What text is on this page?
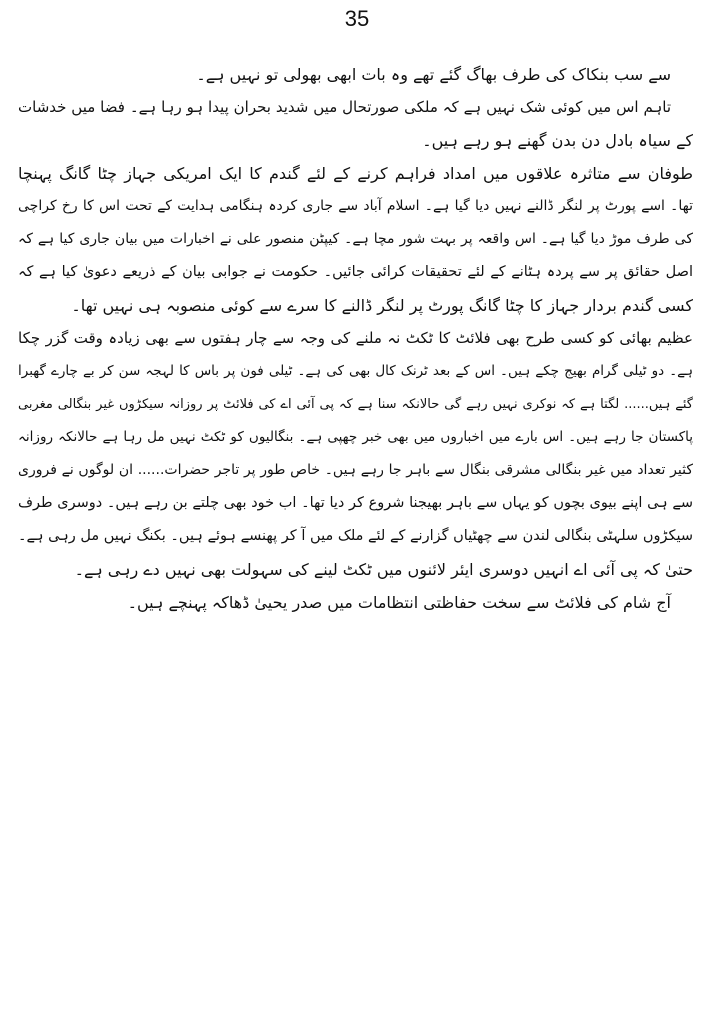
35
سے سب بنکاک کی طرف بھاگ گئے تھے وہ بات ابھی بھولی تو نہیں ہے۔
تاہم اس میں کوئی شک نہیں ہے کہ ملکی صورتحال میں شدید بحران پیدا ہو رہا ہے۔ فضا میں خدشات
کے سیاہ بادل دن بدن گھنے ہو رہے ہیں۔
طوفان سے متاثرہ علاقوں میں امداد فراہم کرنے کے لئے گندم کا ایک امریکی جہاز چٹا گانگ پہنچا
تھا۔ اسے پورٹ پر لنگر ڈالنے نہیں دیا گیا ہے۔ اسلام آباد سے جاری کردہ ہنگامی ہدایت کے تحت اس کا رخ کراچی
کی طرف موڑ دیا گیا ہے۔ اس واقعہ پر بہت شور مچا ہے۔ کیپٹن منصور علی نے اخبارات میں بیان جاری کیا ہے کہ
اصل حقائق پر سے پردہ ہٹانے کے لئے تحقیقات کرائی جائیں۔ حکومت نے جوابی بیان کے ذریعے دعویٰ کیا ہے کہ
کسی گندم بردار جہاز کا چٹا گانگ پورٹ پر لنگر ڈالنے کا سرے سے کوئی منصوبہ ہی نہیں تھا۔
عظیم بھائی کو کسی طرح بھی فلائٹ کا ٹکٹ نہ ملنے کی وجہ سے چار ہفتوں سے بھی زیادہ وقت گزر چکا
ہے۔ دو ٹیلی گرام بھیج چکے ہیں۔ اس کے بعد ٹرنک کال بھی کی ہے۔ ٹیلی فون پر باس کا لہجہ سن کر بے چارے گھبرا
گئے ہیں...... لگتا ہے کہ نوکری نہیں رہے گی حالانکہ سنا ہے کہ پی آئی اے کی فلائٹ پر روزانہ سیکڑوں غیر بنگالی مغربی
پاکستان جا رہے ہیں۔ اس بارے میں اخباروں میں بھی خبر چھپی ہے۔ بنگالیوں کو ٹکٹ نہیں مل رہا ہے حالانکہ روزانہ
کثیر تعداد میں غیر بنگالی مشرقی بنگال سے باہر جا رہے ہیں۔ خاص طور پر تاجر حضرات...... ان لوگوں نے فروری
سے ہی اپنے بیوی بچوں کو یہاں سے باہر بھیجنا شروع کر دیا تھا۔ اب خود بھی چلتے بن رہے ہیں۔ دوسری طرف
سیکڑوں سلہٹی بنگالی لندن سے چھٹیاں گزارنے کے لئے ملک میں آ کر پھنسے ہوئے ہیں۔ بکنگ نہیں مل رہی ہے۔
حتیٰ کہ پی آئی اے انہیں دوسری ایئر لائنوں میں ٹکٹ لینے کی سہولت بھی نہیں دے رہی ہے۔
آج شام کی فلائٹ سے سخت حفاظتی انتظامات میں صدر یحییٰ ڈھاکہ پہنچے ہیں۔
